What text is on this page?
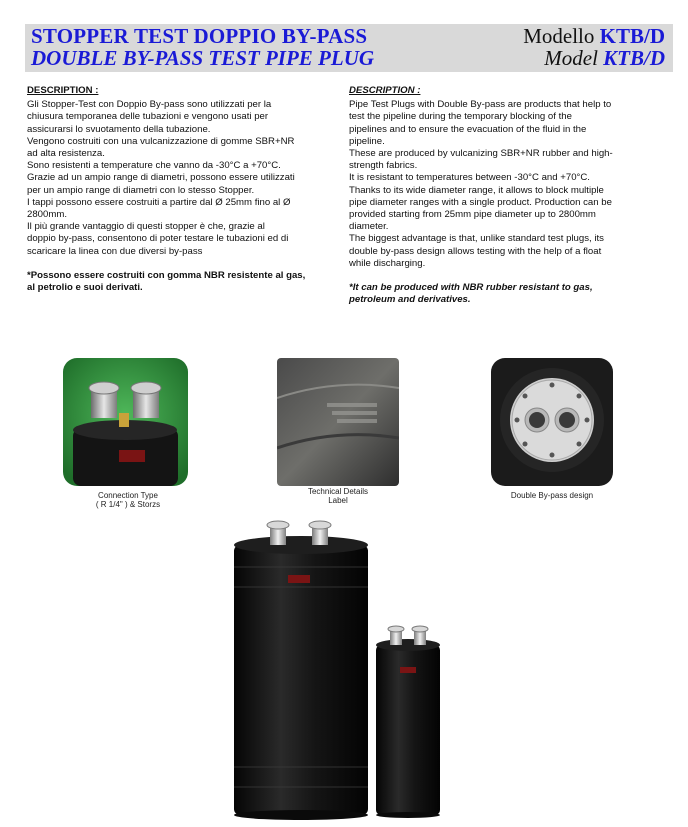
STOPPER TEST DOPPIO BY-PASS
DOUBLE BY-PASS TEST PIPE PLUG
Modello KTB/D
Model KTB/D
DESCRIPTION :

Gli Stopper-Test con Doppio By-pass sono utilizzati per la

chiusura temporanea delle tubazioni e vengono usati per

assicurarsi lo svuotamento della tubazione.

Vengono costruiti con una vulcanizzazione di gomme SBR+NR

ad alta resistenza.

Sono resistenti a temperature che vanno da -30°C a +70°C.

Grazie ad un ampio range di diametri, possono essere utilizzati

per un ampio range di diametri con lo stesso Stopper.

I tappi possono essere costruiti a partire dal Ø 25mm fino al Ø

2800mm.

Il più grande vantaggio di questi stopper è che, grazie al

doppio by-pass, consentono di poter testare le tubazioni ed di

scaricare la linea con due diversi by-pass

*Possono essere costruiti con gomma NBR resistente al gas,

al petrolio e suoi derivati.

DESCRIPTION :

Pipe Test Plugs with Double By-pass are products that help to

test the pipeline during the temporary blocking of the

pipelines and to ensure the evacuation of the fluid in the

pipeline.

These are produced by vulcanizing SBR+NR rubber and high-

strength fabrics.

It is resistant to temperatures between -30°C and +70°C.

Thanks to its wide diameter range, it allows to block multiple

pipe diameter ranges with a single product. Production can be

provided starting from 25mm pipe diameter up to 2800mm

diameter.

The biggest advantage is that, unlike standard test plugs, its

double by-pass design allows testing with the help of a float

while discharging.

*It can be produced with NBR rubber resistant to gas,

petroleum and derivatives.

Connection Type
( R 1/4" ) & Storzs
Technical Details
Label
Double By-pass design
